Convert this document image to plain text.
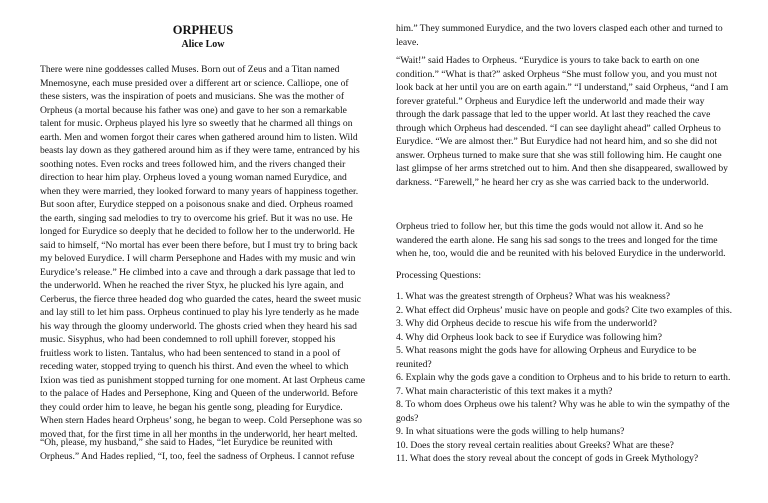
ORPHEUS
Alice Low

There were nine goddesses called Muses. Born out of Zeus and a Titan named Mnemosyne, each muse presided over a different art or science. Calliope, one of these sisters, was the inspiration of poets and musicians. She was the mother of Orpheus (a mortal because his father was one) and gave to her son a remarkable talent for music. Orpheus played his lyre so sweetly that he charmed all things on earth. Men and women forgot their cares when gathered around him to listen. Wild beasts lay down as they gathered around him as if they were tame, entranced by his soothing notes. Even rocks and trees followed him, and the rivers changed their direction to hear him play. Orpheus loved a young woman named Eurydice, and when they were married, they looked forward to many years of happiness together. But soon after, Eurydice stepped on a poisonous snake and died. Orpheus roamed the earth, singing sad melodies to try to overcome his grief. But it was no use. He longed for Eurydice so deeply that he decided to follow her to the underworld. He said to himself, “No mortal has ever been there before, but I must try to bring back my beloved Eurydice. I will charm Persephone and Hades with my music and win Eurydice’s release.” He climbed into a cave and through a dark passage that led to the underworld. When he reached the river Styx, he plucked his lyre again, and Cerberus, the fierce three headed dog who guarded the cates, heard the sweet music and lay still to let him pass. Orpheus continued to play his lyre tenderly as he made his way through the gloomy underworld. The ghosts cried when they heard his sad music. Sisyphus, who had been condemned to roll uphill forever, stopped his fruitless work to listen. Tantalus, who had been sentenced to stand in a pool of receding water, stopped trying to quench his thirst. And even the wheel to which Ixion was tied as punishment stopped turning for one moment. At last Orpheus came to the palace of Hades and Persephone, King and Queen of the underworld. Before they could order him to leave, he began his gentle song, pleading for Eurydice. When stern Hades heard Orpheus’ song, he began to weep. Cold Persephone was so moved that, for the first time in all her months in the underworld, her heart melted.

“Oh, please, my husband,” she said to Hades, “let Eurydice be reunited with Orpheus.” And Hades replied, “I, too, feel the sadness of Orpheus. I cannot refuse

him.” They summoned Eurydice, and the two lovers clasped each other and turned to leave.

“Wait!” said Hades to Orpheus. “Eurydice is yours to take back to earth on one condition.” “What is that?” asked Orpheus “She must follow you, and you must not look back at her until you are on earth again.” “I understand,” said Orpheus, “and I am forever grateful.” Orpheus and Eurydice left the underworld and made their way through the dark passage that led to the upper world. At last they reached the cave through which Orpheus had descended. “I can see daylight ahead” called Orpheus to Eurydice. “We are almost ther.” But Eurydice had not heard him, and so she did not answer. Orpheus turned to make sure that she was still following him. He caught one last glimpse of her arms stretched out to him. And then she disappeared, swallowed by darkness. “Farewell,” he heard her cry as she was carried back to the underworld.

Orpheus tried to follow her, but this time the gods would not allow it. And so he wandered the earth alone. He sang his sad songs to the trees and longed for the time when he, too, would die and be reunited with his beloved Eurydice in the underworld.

Processing Questions:

1. What was the greatest strength of Orpheus? What was his weakness?
2. What effect did Orpheus’ music have on people and gods? Cite two examples of this.
3. Why did Orpheus decide to rescue his wife from the underworld?
4. Why did Orpheus look back to see if Eurydice was following him?
5. What reasons might the gods have for allowing Orpheus and Eurydice to be reunited?
6. Explain why the gods gave a condition to Orpheus and to his bride to return to earth.
7. What main characteristic of this text makes it a myth?
8. To whom does Orpheus owe his talent? Why was he able to win the sympathy of the gods?
9. In what situations were the gods willing to help humans?
10. Does the story reveal certain realities about Greeks? What are these?
11. What does the story reveal about the concept of gods in Greek Mythology?
